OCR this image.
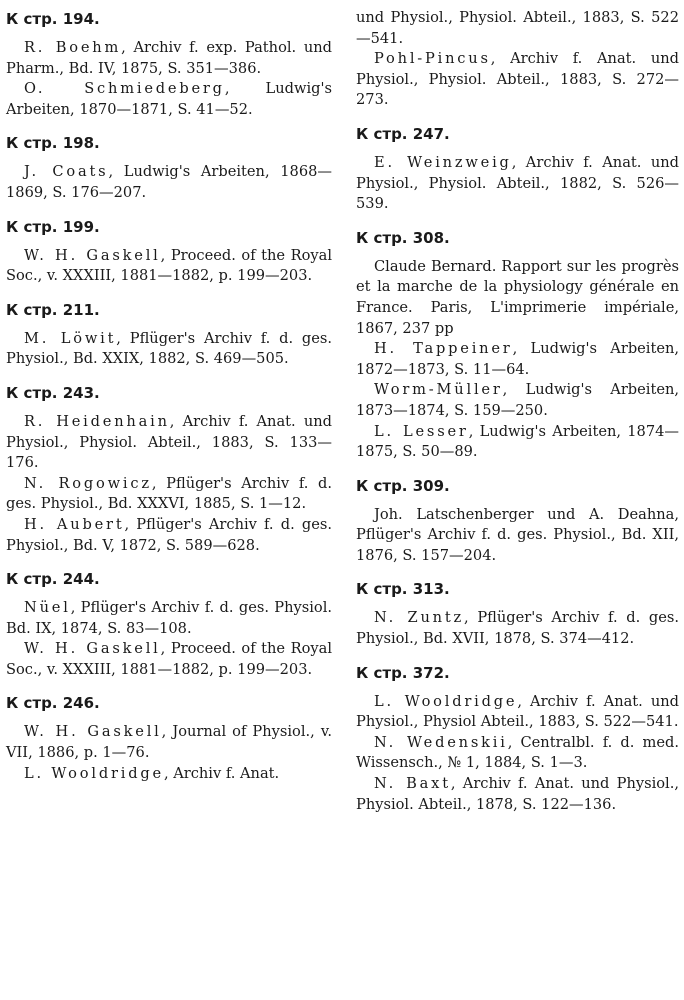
К стр. 194.
R. Boehm, Archiv f. exp. Pathol. und Pharm., Bd. IV, 1875, S. 351—386.
O. Schmiedeberg, Ludwig's Arbeiten, 1870—1871, S. 41—52.
К стр. 198.
J. Coats, Ludwig's Arbeiten, 1868—1869, S. 176—207.
К стр. 199.
W. H. Gaskell, Proceed. of the Royal Soc., v. XXXIII, 1881—1882, p. 199—203.
К стр. 211.
M. Löwit, Pflüger's Archiv f. d. ges. Physiol., Bd. XXIX, 1882, S. 469—505.
К стр. 243.
R. Heidenhain, Archiv f. Anat. und Physiol., Physiol. Abteil., 1883, S. 133—176.
N. Rogowicz, Pflüger's Archiv f. d. ges. Physiol., Bd. XXXVI, 1885, S. 1—12.
H. Aubert, Pflüger's Archiv f. d. ges. Physiol., Bd. V, 1872, S. 589—628.
К стр. 244.
Nüel, Pflüger's Archiv f. d. ges. Physiol. Bd. IX, 1874, S. 83—108.
W. H. Gaskell, Proceed. of the Royal Soc., v. XXXIII, 1881—1882, p. 199—203.
К стр. 246.
W. H. Gaskell, Journal of Physiol., v. VII, 1886, p. 1—76.
L. Wooldridge, Archiv f. Anat.
und Physiol., Physiol. Abteil., 1883, S. 522—541.
Pohl-Pincus, Archiv f. Anat. und Physiol., Physiol. Abteil., 1883, S. 272—273.
К стр. 247.
E. Weinzweig, Archiv f. Anat. und Physiol., Physiol. Abteil., 1882, S. 526—539.
К стр. 308.
Claude Bernard. Rapport sur les progrès et la marche de la physiology générale en France. Paris, L'imprimerie impériale, 1867, 237 pp
H. Tappeiner, Ludwig's Arbeiten, 1872—1873, S. 11—64.
Worm-Müller, Ludwig's Arbeiten, 1873—1874, S. 159—250.
L. Lesser, Ludwig's Arbeiten, 1874—1875, S. 50—89.
К стр. 309.
Joh. Latschenberger und A. Deahna, Pflüger's Archiv f. d. ges. Physiol., Bd. XII, 1876, S. 157—204.
К стр. 313.
N. Zuntz, Pflüger's Archiv f. d. ges. Physiol., Bd. XVII, 1878, S. 374—412.
К стр. 372.
L. Wooldridge, Archiv f. Anat. und Physiol., Physiol Abteil., 1883, S. 522—541.
N. Wedenskii, Centralbl. f. d. med. Wissensch., № 1, 1884, S. 1—3.
N. Baxt, Archiv f. Anat. und Physiol., Physiol. Abteil., 1878, S. 122—136.
